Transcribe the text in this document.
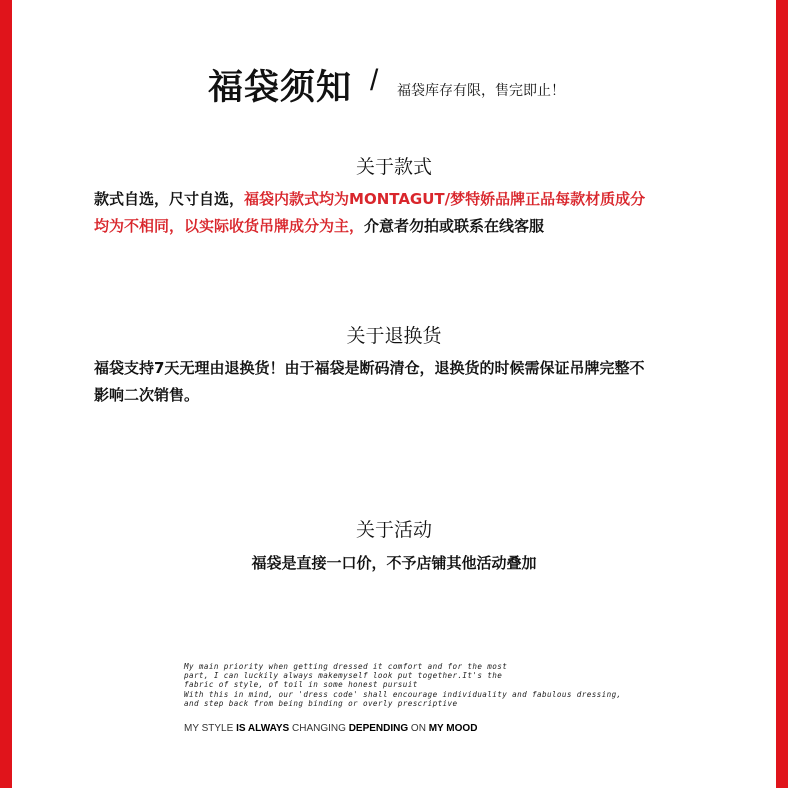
福袋须知 / 福袋库存有限，售完即止！
关于款式
款式自选，尺寸自选，福袋内款式均为MONTAGUT/梦特娇品牌正品每款材质成分
均为不相同，以实际收货吊牌成分为主，介意者勿拍或联系在线客服
关于退换货
福袋支持7天无理由退换货！由于福袋是断码清仓，退换货的时候需保证吊牌完整不
影响二次销售。
关于活动
福袋是直接一口价，不予店铺其他活动叠加
My main priority when getting dressed it comfort and for the most
part, I can luckily always makemyself look put together.It's the
fabric of style, of toil in some honest pursuit
With this in mind, our 'dress code' shall encourage individuality and fabulous dressing,
and step back from being binding or overly prescriptive
MY STYLE IS ALWAYS CHANGING DEPENDING ON MY MOOD
